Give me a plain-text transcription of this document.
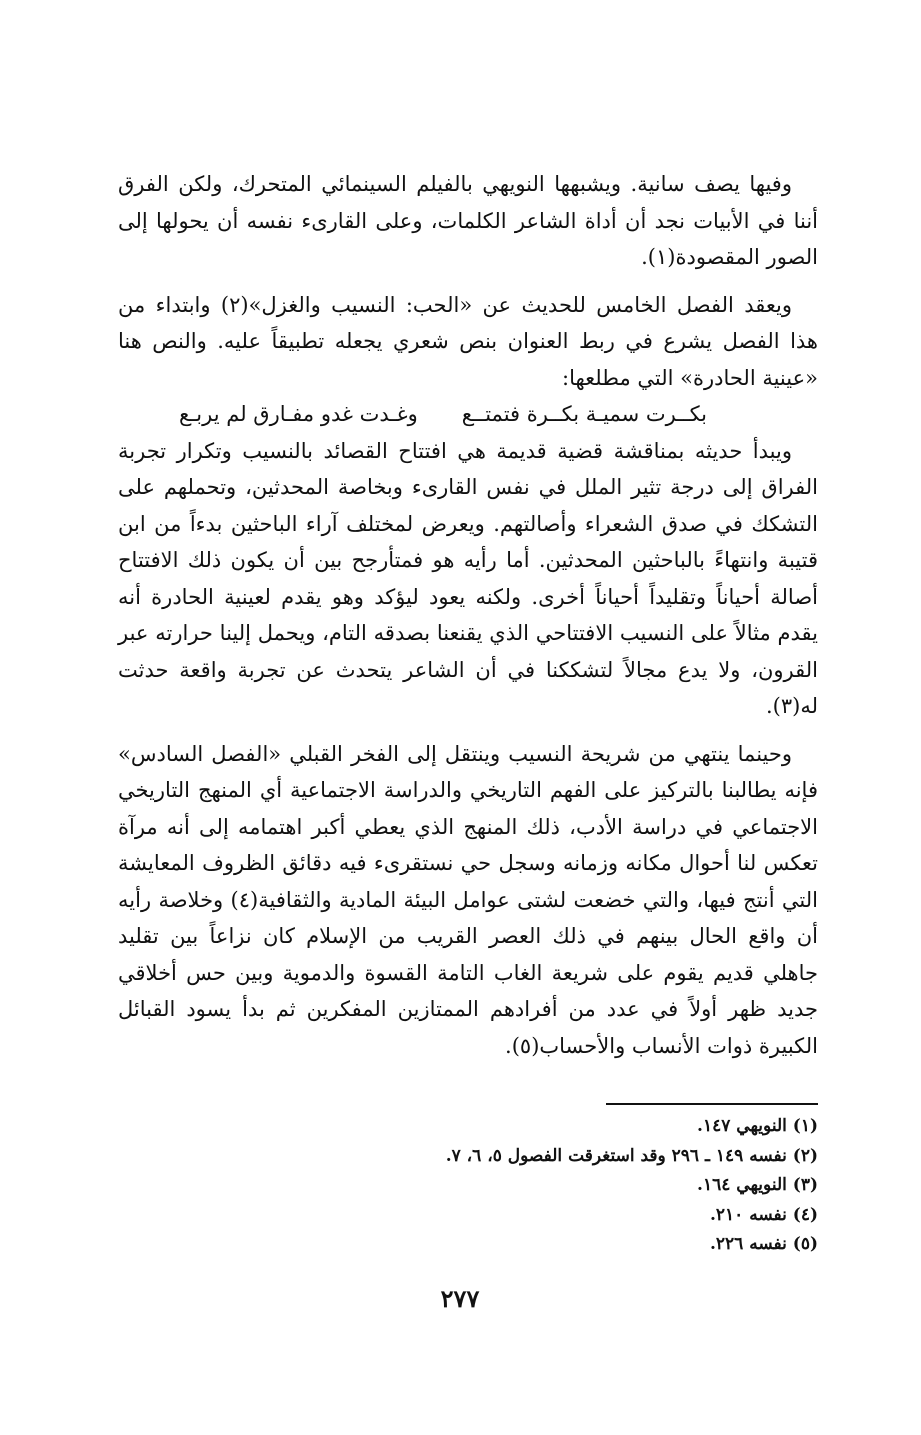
وفيها يصف سانية. ويشبهها النويهي بالفيلم السينمائي المتحرك، ولكن الفرق أننا في الأبيات نجد أن أداة الشاعر الكلمات، وعلى القارىء نفسه أن يحولها إلى الصور المقصودة(١).

ويعقد الفصل الخامس للحديث عن «الحب: النسيب والغزل»(٢) وابتداء من هذا الفصل يشرع في ربط العنوان بنص شعري يجعله تطبيقاً عليه. والنص هنا «عينية الحادرة» التي مطلعها:

بكــرت سميـة بكــرة فتمتــع
وغـدت غدو مفـارق لم يربـع

ويبدأ حديثه بمناقشة قضية قديمة هي افتتاح القصائد بالنسيب وتكرار تجربة الفراق إلى درجة تثير الملل في نفس القارىء وبخاصة المحدثين، وتحملهم على التشكك في صدق الشعراء وأصالتهم. ويعرض لمختلف آراء الباحثين بدءاً من ابن قتيبة وانتهاءً بالباحثين المحدثين. أما رأيه هو فمتأرجح بين أن يكون ذلك الافتتاح أصالة أحياناً وتقليداً أحياناً أخرى. ولكنه يعود ليؤكد وهو يقدم لعينية الحادرة أنه يقدم مثالاً على النسيب الافتتاحي الذي يقنعنا بصدقه التام، ويحمل إلينا حرارته عبر القرون، ولا يدع مجالاً لتشككنا في أن الشاعر يتحدث عن تجربة واقعة حدثت له(٣).

وحينما ينتهي من شريحة النسيب وينتقل إلى الفخر القبلي «الفصل السادس» فإنه يطالبنا بالتركيز على الفهم التاريخي والدراسة الاجتماعية أي المنهج التاريخي الاجتماعي في دراسة الأدب، ذلك المنهج الذي يعطي أكبر اهتمامه إلى أنه مرآة تعكس لنا أحوال مكانه وزمانه وسجل حي نستقرىء فيه دقائق الظروف المعايشة التي أنتج فيها، والتي خضعت لشتى عوامل البيئة المادية والثقافية(٤) وخلاصة رأيه أن واقع الحال بينهم في ذلك العصر القريب من الإسلام كان نزاعاً بين تقليد جاهلي قديم يقوم على شريعة الغاب التامة القسوة والدموية وبين حس أخلاقي جديد ظهر أولاً في عدد من أفرادهم الممتازين المفكرين ثم بدأ يسود القبائل الكبيرة ذوات الأنساب والأحساب(٥).

(١) النويهي ١٤٧.

(٢) نفسه ١٤٩ ـ ٢٩٦ وقد استغرقت الفصول ٥، ٦، ٧.

(٣) النويهي ١٦٤.

(٤) نفسه ٢١٠.

(٥) نفسه ٢٢٦.

٢٧٧
